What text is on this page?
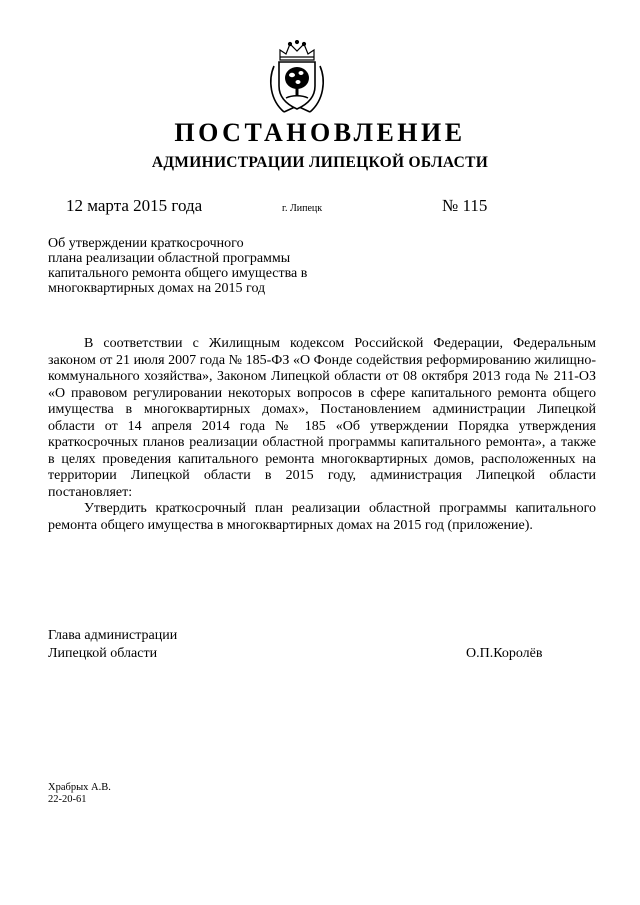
ПОСТАНОВЛЕНИЕ
АДМИНИСТРАЦИИ ЛИПЕЦКОЙ ОБЛАСТИ
12 марта 2015 года	г. Липецк	№ 115
Об утверждении краткосрочного
плана реализации областной программы
капитального ремонта общего имущества в
многоквартирных домах на 2015 год

В соответствии с Жилищным кодексом Российской Федерации, Федеральным законом от 21 июля 2007 года № 185-ФЗ «О Фонде содействия реформированию жилищно-коммунального хозяйства», Законом Липецкой области от 08 октября 2013 года № 211-ОЗ «О правовом регулировании некоторых вопросов в сфере капитального ремонта общего имущества в многоквартирных домах», Постановлением администрации Липецкой области от 14 апреля 2014 года № 185 «Об утверждении Порядка утверждения краткосрочных планов реализации областной программы капитального ремонта», а также в целях проведения капитального ремонта многоквартирных домов, расположенных на территории Липецкой области в 2015 году, администрация Липецкой области постановляет:

Утвердить краткосрочный план реализации областной программы капитального ремонта общего имущества в многоквартирных домах на 2015 год (приложение).

Глава администрации
Липецкой области	О.П.Королёв
Храбрых А.В.
22-20-61
